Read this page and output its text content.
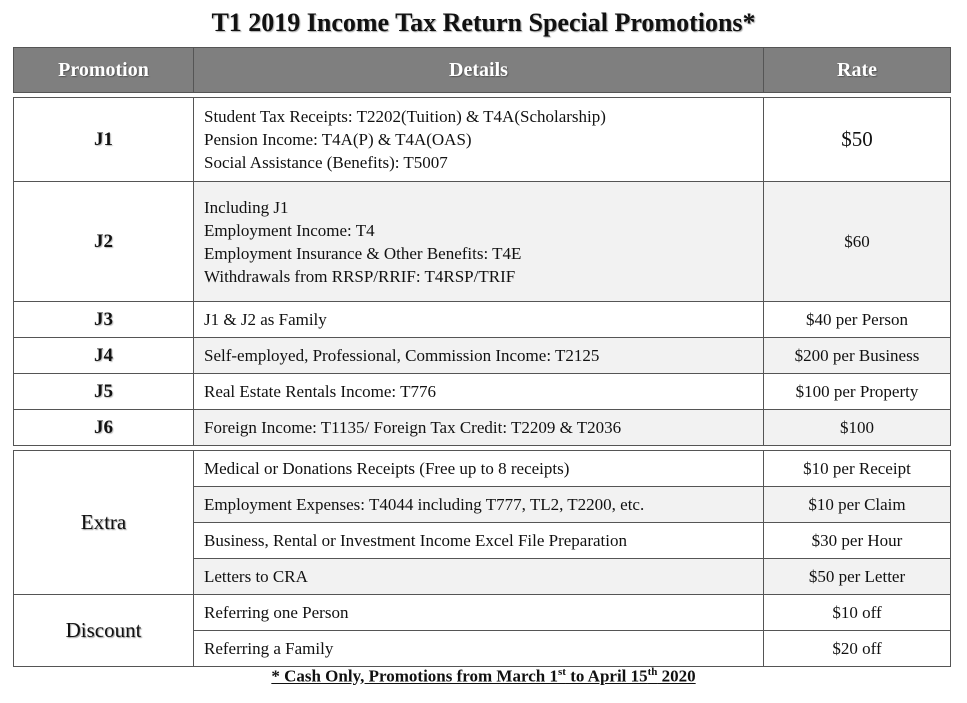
T1 2019 Income Tax Return Special Promotions*
Promotion	Details	Rate

J1	Student Tax Receipts: T2202(Tuition) & T4A(Scholarship)
Pension Income: T4A(P) & T4A(OAS)
Social Assistance (Benefits): T5007	$50
J2	Including J1
Employment Income: T4
Employment Insurance & Other Benefits: T4E
Withdrawals from RRSP/RRIF: T4RSP/TRIF	$60
J3	J1 & J2 as Family	$40 per Person
J4	Self-employed, Professional, Commission Income: T2125	$200 per Business
J5	Real Estate Rentals Income: T776	$100 per Property
J6	Foreign Income: T1135/ Foreign Tax Credit: T2209 & T2036	$100

Extra	Medical or Donations Receipts (Free up to 8 receipts)	$10 per Receipt
	Employment Expenses: T4044 including T777, TL2, T2200, etc.	$10 per Claim
	Business, Rental or Investment Income Excel File Preparation	$30 per Hour
	Letters to CRA	$50 per Letter
Discount	Referring one Person	$10 off
	Referring a Family	$20 off
* Cash Only, Promotions from March 1st to April 15th 2020
